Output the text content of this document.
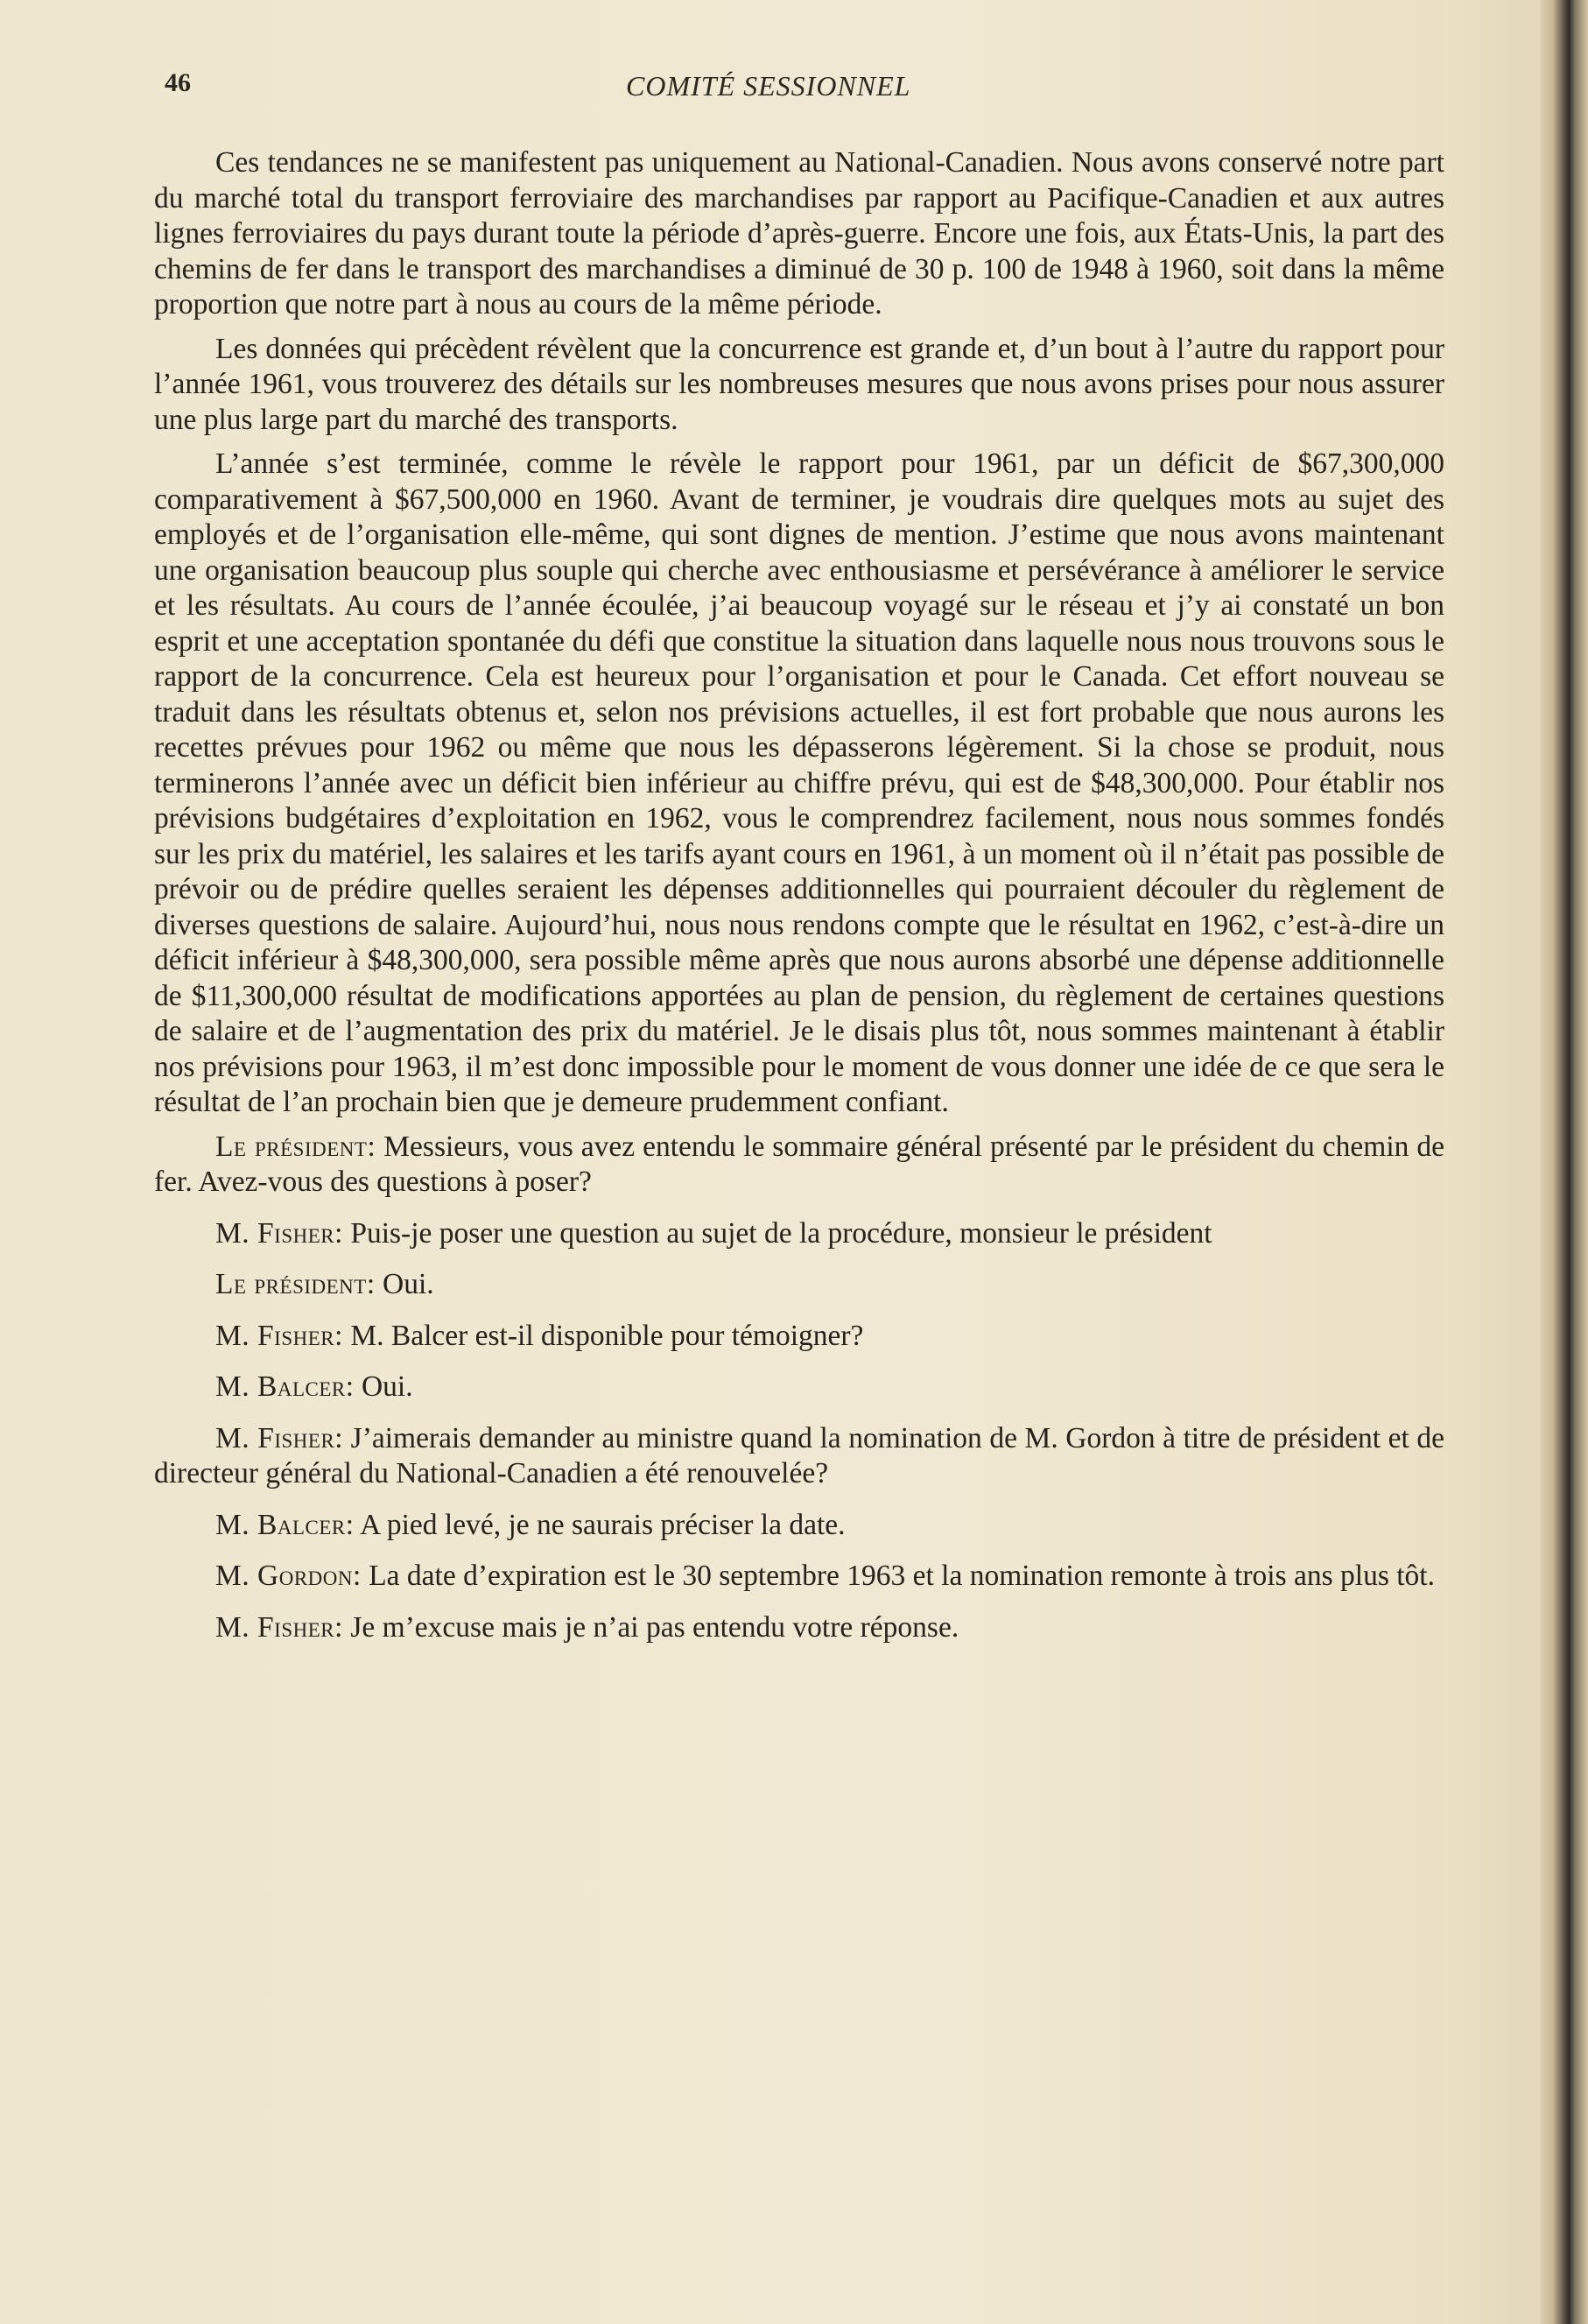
46	COMITÉ SESSIONNEL

Ces tendances ne se manifestent pas uniquement au National-Canadien. Nous avons conservé notre part du marché total du transport ferroviaire des marchandises par rapport au Pacifique-Canadien et aux autres lignes ferroviaires du pays durant toute la période d’après-guerre. Encore une fois, aux États-Unis, la part des chemins de fer dans le transport des marchandises a diminué de 30 p. 100 de 1948 à 1960, soit dans la même proportion que notre part à nous au cours de la même période.

Les données qui précèdent révèlent que la concurrence est grande et, d’un bout à l’autre du rapport pour l’année 1961, vous trouverez des détails sur les nombreuses mesures que nous avons prises pour nous assurer une plus large part du marché des transports.

L’année s’est terminée, comme le révèle le rapport pour 1961, par un déficit de $67,300,000 comparativement à $67,500,000 en 1960. Avant de terminer, je voudrais dire quelques mots au sujet des employés et de l’organisation elle-même, qui sont dignes de mention. J’estime que nous avons maintenant une organisation beaucoup plus souple qui cherche avec enthousiasme et persévérance à améliorer le service et les résultats. Au cours de l’année écoulée, j’ai beaucoup voyagé sur le réseau et j’y ai constaté un bon esprit et une acceptation spontanée du défi que constitue la situation dans laquelle nous nous trouvons sous le rapport de la concurrence. Cela est heureux pour l’organisation et pour le Canada. Cet effort nouveau se traduit dans les résultats obtenus et, selon nos prévisions actuelles, il est fort probable que nous aurons les recettes prévues pour 1962 ou même que nous les dépasserons légèrement. Si la chose se produit, nous terminerons l’année avec un déficit bien inférieur au chiffre prévu, qui est de $48,300,000. Pour établir nos prévisions budgétaires d’exploitation en 1962, vous le comprendrez facilement, nous nous sommes fondés sur les prix du matériel, les salaires et les tarifs ayant cours en 1961, à un moment où il n’était pas possible de prévoir ou de prédire quelles seraient les dépenses additionnelles qui pourraient découler du règlement de diverses questions de salaire. Aujourd’hui, nous nous rendons compte que le résultat en 1962, c’est-à-dire un déficit inférieur à $48,300,000, sera possible même après que nous aurons absorbé une dépense additionnelle de $11,300,000 résultat de modifications apportées au plan de pension, du règlement de certaines questions de salaire et de l’augmentation des prix du matériel. Je le disais plus tôt, nous sommes maintenant à établir nos prévisions pour 1963, il m’est donc impossible pour le moment de vous donner une idée de ce que sera le résultat de l’an prochain bien que je demeure prudemment confiant.

Le président: Messieurs, vous avez entendu le sommaire général présenté par le président du chemin de fer. Avez-vous des questions à poser?

M. Fisher: Puis-je poser une question au sujet de la procédure, monsieur le président

Le président: Oui.

M. Fisher: M. Balcer est-il disponible pour témoigner?

M. Balcer: Oui.

M. Fisher: J’aimerais demander au ministre quand la nomination de M. Gordon à titre de président et de directeur général du National-Canadien a été renouvelée?

M. Balcer: A pied levé, je ne saurais préciser la date.

M. Gordon: La date d’expiration est le 30 septembre 1963 et la nomination remonte à trois ans plus tôt.

M. Fisher: Je m’excuse mais je n’ai pas entendu votre réponse.
